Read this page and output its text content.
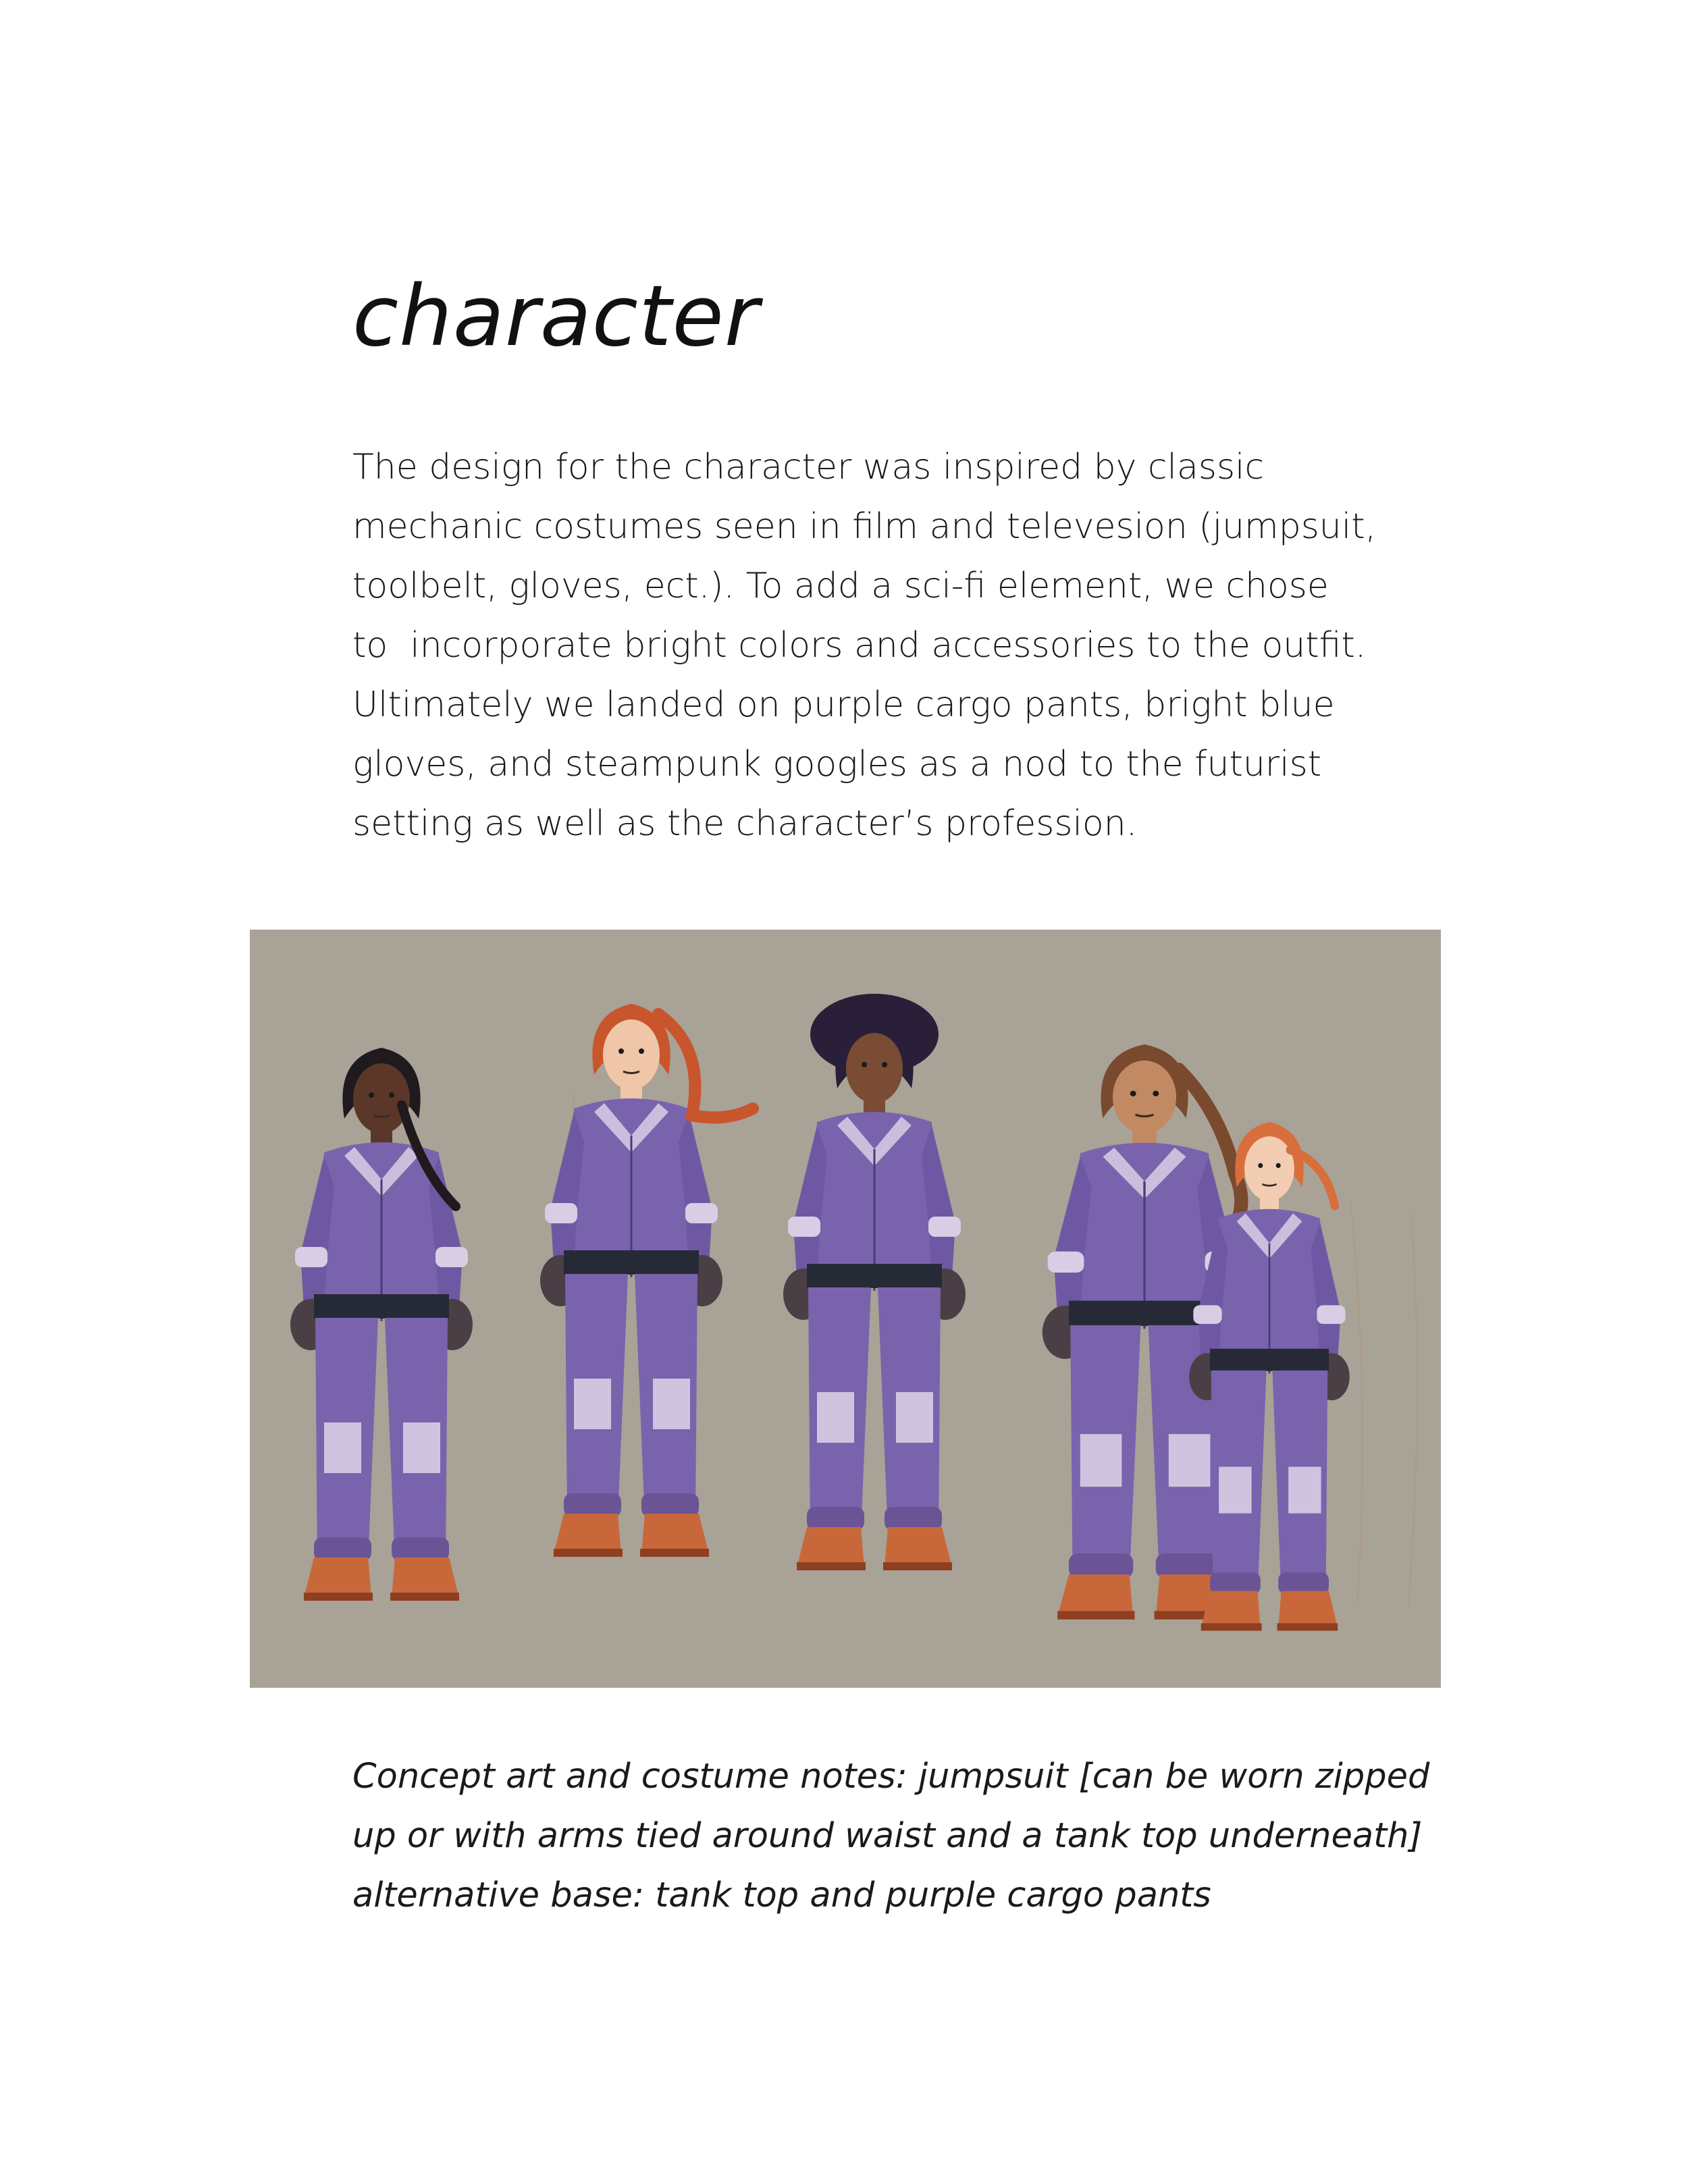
character
The design for the character was inspired by classic
mechanic costumes seen in film and televesion (jumpsuit,
toolbelt, gloves, ect.). To add a sci-fi element, we chose
to  incorporate bright colors and accessories to the outfit.
Ultimately we landed on purple cargo pants, bright blue
gloves, and steampunk googles as a nod to the futurist
setting as well as the character’s profession.
Concept art and costume notes: jumpsuit [can be worn zipped
up or with arms tied around waist and a tank top underneath]
alternative base: tank top and purple cargo pants
